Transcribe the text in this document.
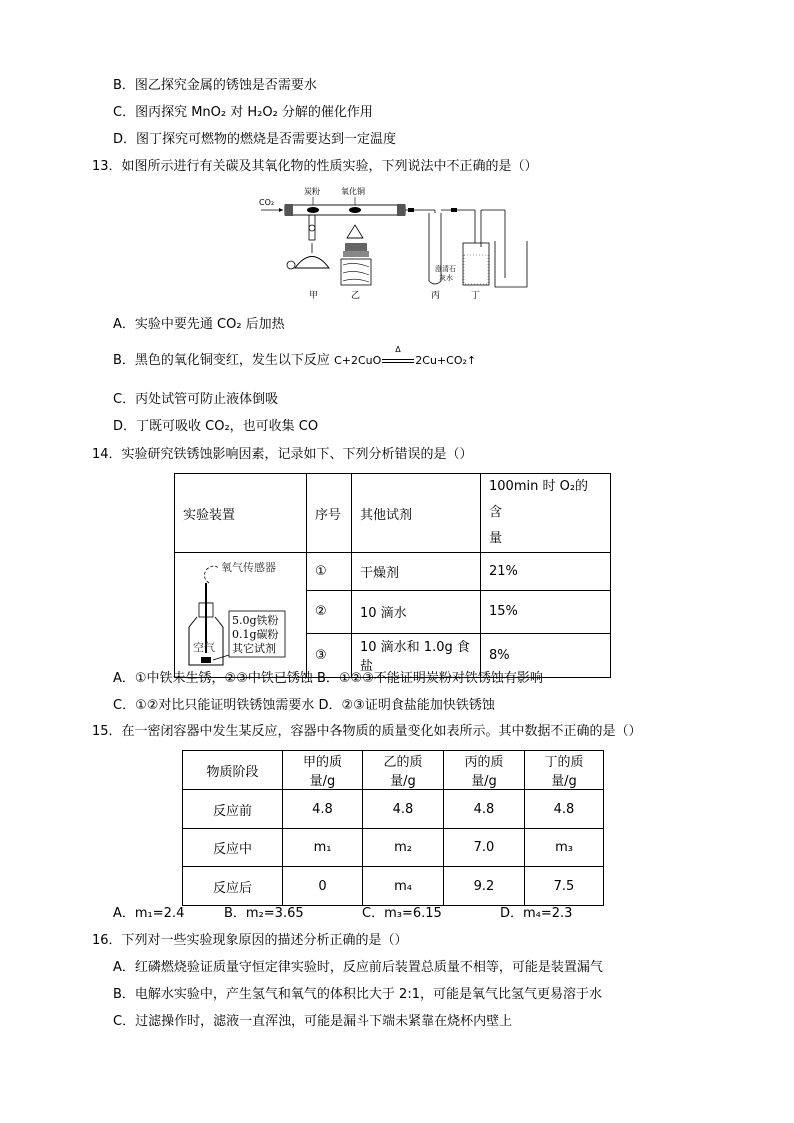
B．图乙探究金属的锈蚀是否需要水
C．图丙探究 MnO₂ 对 H₂O₂ 分解的催化作用
D．图丁探究可燃物的燃烧是否需要达到一定温度
13．如图所示进行有关碳及其氧化物的性质实验，下列说法中不正确的是（）
CO₂
炭粉	氧化铜
甲	乙	丙
澄清石
灰水
丁
A．实验中要先通 CO₂ 后加热
B．黑色的氧化铜变红，发生以下反应 C+2CuO
Δ
2Cu+CO₂↑
C．丙处试管可防止液体倒吸
D．丁既可吸收 CO₂，也可收集 CO
14．实验研究铁锈蚀影响因素，记录如下、下列分析错误的是（）
实验装置	序号	其他试剂	100min 时 O₂的 含
量

氧气传感器
空气
5.0g铁粉
0.1g碳粉
其它试剂	①	干燥剂	21%
	②	10 滴水	15%
	③	10 滴水和 1.0g 食盐	8%
A．①中铁未生锈，②③中铁已锈蚀 B．①②③不能证明炭粉对铁锈蚀有影响
C．①②对比只能证明铁锈蚀需要水 D．②③证明食盐能加快铁锈蚀
15．在一密闭容器中发生某反应，容器中各物质的质量变化如表所示。其中数据不正确的是（）
物质阶段	甲的质量/g	乙的质量/g	丙的质量/g	丁的质量/g
反应前	4.8	4.8	4.8	4.8
反应中	m₁	m₂	7.0	m₃
反应后	0	m₄	9.2	7.5
A．m₁=2.4	B．m₂=3.65	C．m₃=6.15	D．m₄=2.3
16．下列对一些实验现象原因的描述分析正确的是（）
A．红磷燃烧验证质量守恒定律实验时，反应前后装置总质量不相等，可能是装置漏气
B．电解水实验中，产生氢气和氧气的体积比大于 2:1，可能是氧气比氢气更易溶于水
C．过滤操作时，滤液一直浑浊，可能是漏斗下端未紧靠在烧杯内壁上
